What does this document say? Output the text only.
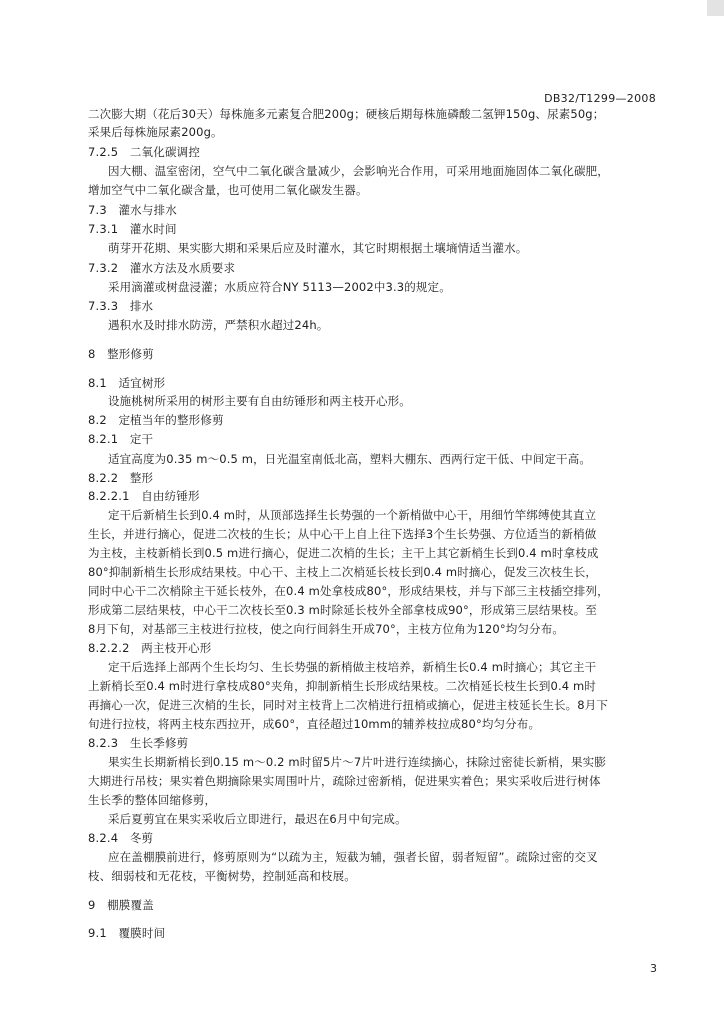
DB32/T1299—2008
二次膨大期（花后30天）每株施多元素复合肥200g；硬核后期每株施磷酸二氢钾150g、尿素50g；
采果后每株施尿素200g。
7.2.5 二氧化碳调控
因大棚、温室密闭，空气中二氧化碳含量减少，会影响光合作用，可采用地面施固体二氧化碳肥，
增加空气中二氧化碳含量，也可使用二氧化碳发生器。
7.3 灌水与排水
7.3.1 灌水时间
萌芽开花期、果实膨大期和采果后应及时灌水，其它时期根据土壤墒情适当灌水。
7.3.2 灌水方法及水质要求
采用滴灌或树盘浸灌；水质应符合NY 5113—2002中3.3的规定。
7.3.3 排水
遇积水及时排水防涝，严禁积水超过24h。
8 整形修剪
8.1 适宜树形
设施桃树所采用的树形主要有自由纺锤形和两主枝开心形。
8.2 定植当年的整形修剪
8.2.1 定干
适宜高度为0.35 m～0.5 m，日光温室南低北高，塑料大棚东、西两行定干低、中间定干高。
8.2.2 整形
8.2.2.1 自由纺锤形
定干后新梢生长到0.4 m时，从顶部选择生长势强的一个新梢做中心干，用细竹竿绑缚使其直立
生长，并进行摘心，促进二次枝的生长；从中心干上自上往下选择3个生长势强、方位适当的新梢做
为主枝，主枝新梢长到0.5 m进行摘心，促进二次梢的生长；主干上其它新梢生长到0.4 m时拿枝成
80°抑制新梢生长形成结果枝。中心干、主枝上二次梢延长枝长到0.4 m时摘心，促发三次枝生长，
同时中心干二次梢除主干延长枝外，在0.4 m处拿枝成80°，形成结果枝，并与下部三主枝插空排列，
形成第二层结果枝，中心干二次枝长至0.3 m时除延长枝外全部拿枝成90°，形成第三层结果枝。至
8月下旬，对基部三主枝进行拉枝，使之向行间斜生开成70°，主枝方位角为120°均匀分布。
8.2.2.2 两主枝开心形
定干后选择上部两个生长均匀、生长势强的新梢做主枝培养，新梢生长0.4 m时摘心；其它主干
上新梢长至0.4 m时进行拿枝成80°夹角，抑制新梢生长形成结果枝。二次梢延长枝生长到0.4 m时
再摘心一次，促进三次梢的生长，同时对主枝背上二次梢进行扭梢或摘心，促进主枝延长生长。8月下
旬进行拉枝，将两主枝东西拉开，成60°，直径超过10mm的辅养枝拉成80°均匀分布。
8.2.3 生长季修剪
果实生长期新梢长到0.15 m～0.2 m时留5片～7片叶进行连续摘心，抹除过密徒长新梢，果实膨
大期进行吊枝；果实着色期摘除果实周围叶片，疏除过密新梢，促进果实着色；果实采收后进行树体
生长季的整体回缩修剪，
采后夏剪宜在果实采收后立即进行，最迟在6月中旬完成。
8.2.4 冬剪
应在盖棚膜前进行，修剪原则为“以疏为主，短截为辅，强者长留，弱者短留”。疏除过密的交叉
枝、细弱枝和无花枝，平衡树势，控制延高和枝展。
9 棚膜覆盖
9.1 覆膜时间
3
